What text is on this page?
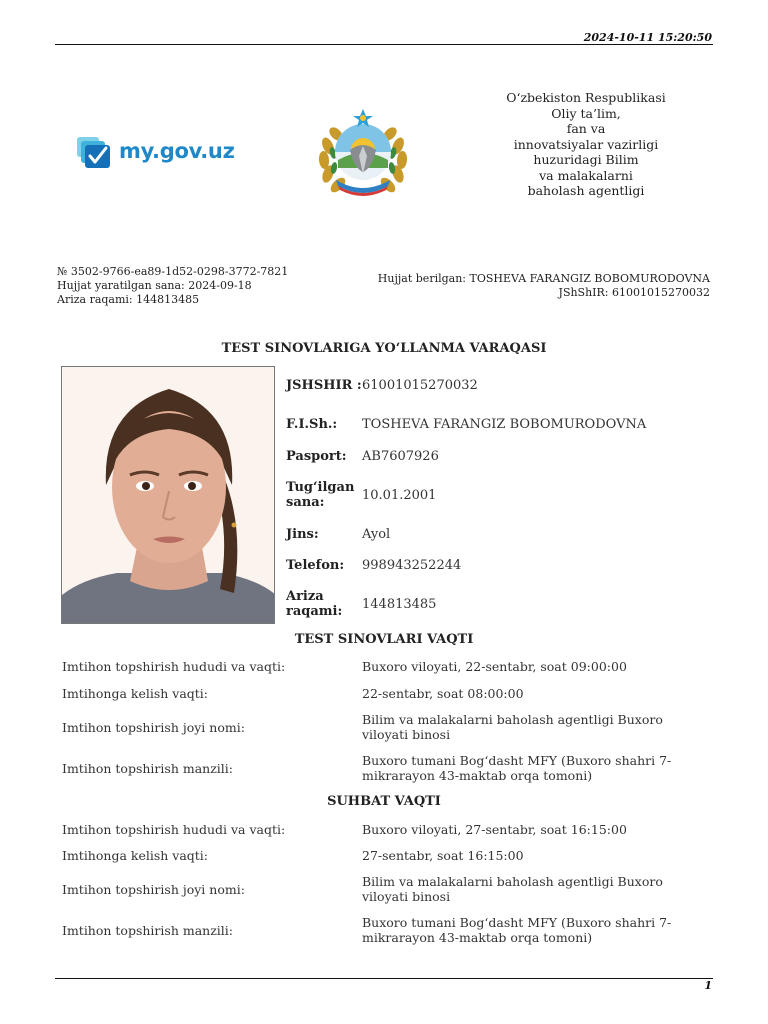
2024-10-11 15:20:50
my.gov.uz
O‘zbekiston Respublikasi
Oliy ta’lim,
fan va
innovatsiyalar vazirligi
huzuridagi Bilim
va malakalarni
baholash agentligi
№ 3502-9766-ea89-1d52-0298-3772-7821
Hujjat yaratilgan sana: 2024-09-18
Ariza raqami: 144813485
Hujjat berilgan: TOSHEVA FARANGIZ BOBOMURODOVNA
JShShIR: 61001015270032
TEST SINOVLARIGA YO‘LLANMA VARAQASI
JSHSHIR : 61001015270032
F.I.Sh.:	TOSHEVA FARANGIZ BOBOMURODOVNA
Pasport:	AB7607926
Tug‘ilgan sana:	10.01.2001
Jins:	Ayol
Telefon:	998943252244
Ariza raqami:	144813485
TEST SINOVLARI VAQTI
Imtihon topshirish hududi va vaqti:	Buxoro viloyati, 22-sentabr, soat 09:00:00
Imtihonga kelish vaqti:	22-sentabr, soat 08:00:00
Imtihon topshirish joyi nomi:	Bilim va malakalarni baholash agentligi Buxoro viloyati binosi
Imtihon topshirish manzili:	Buxoro tumani Bog‘dasht MFY (Buxoro shahri 7-mikrarayon 43-maktab orqa tomoni)
SUHBAT VAQTI
Imtihon topshirish hududi va vaqti:	Buxoro viloyati, 27-sentabr, soat 16:15:00
Imtihonga kelish vaqti:	27-sentabr, soat 16:15:00
Imtihon topshirish joyi nomi:	Bilim va malakalarni baholash agentligi Buxoro viloyati binosi
Imtihon topshirish manzili:	Buxoro tumani Bog‘dasht MFY (Buxoro shahri 7-mikrarayon 43-maktab orqa tomoni)
1
